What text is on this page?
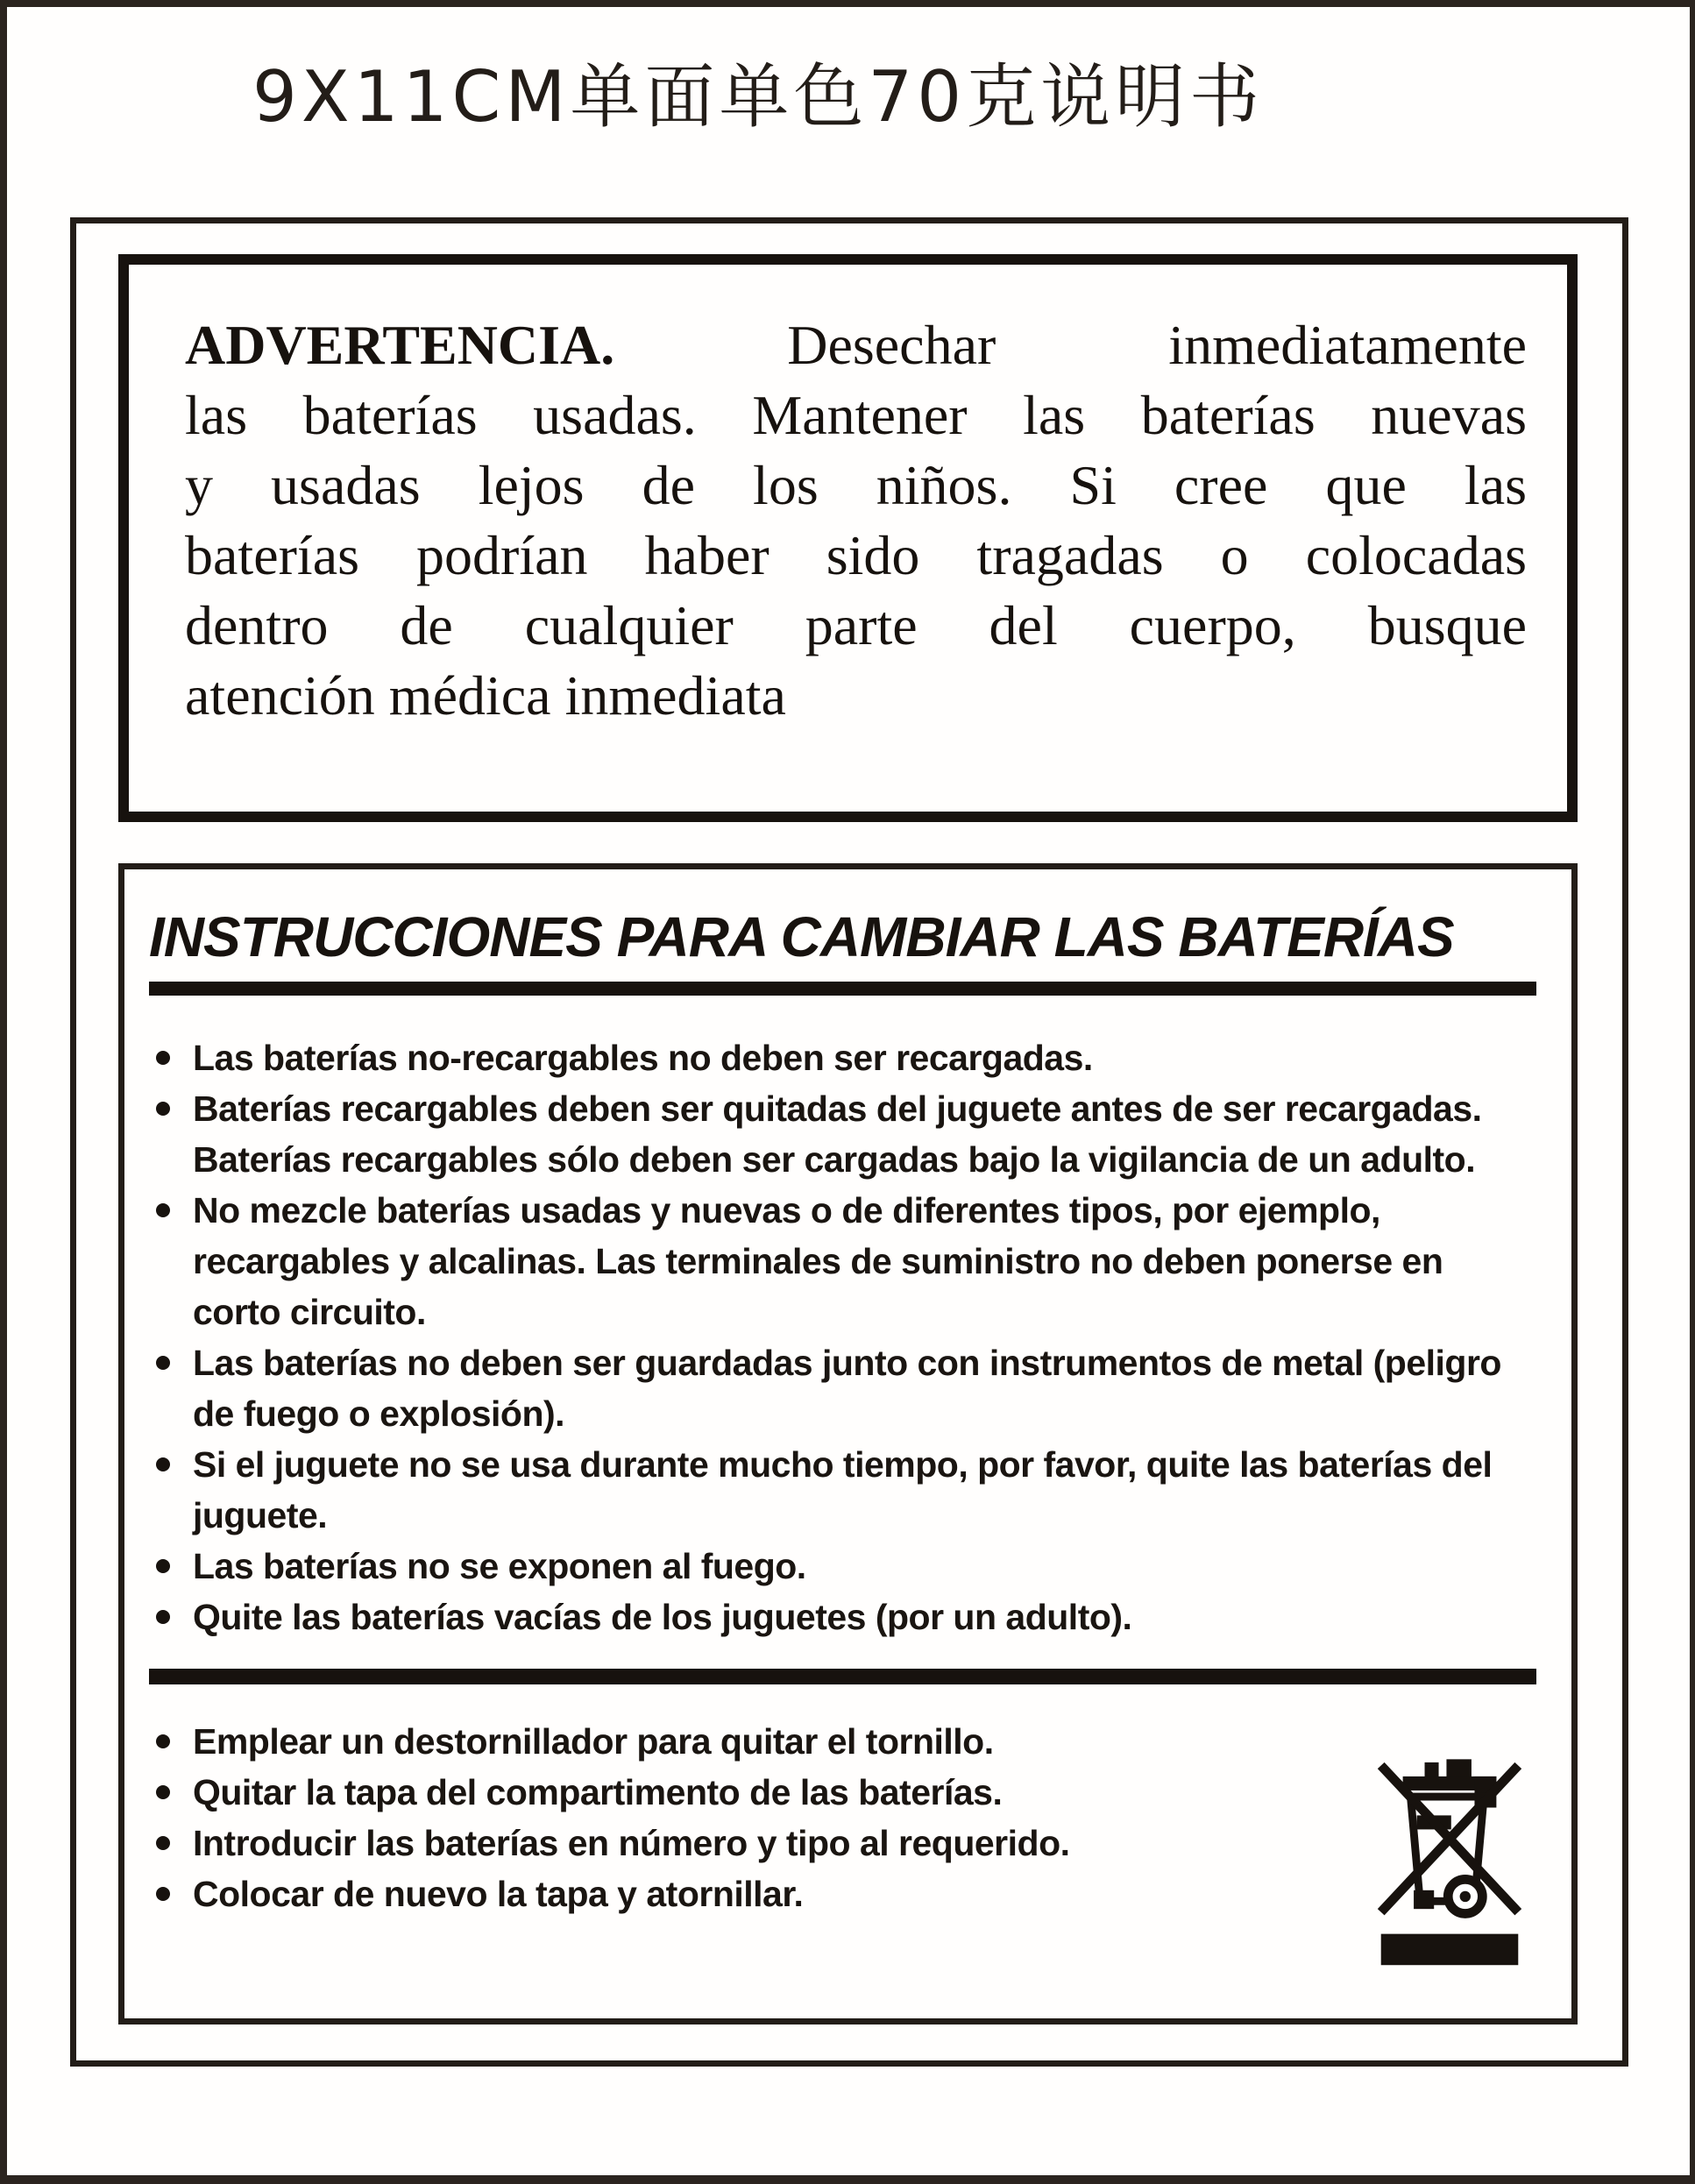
9X11CM单面单色70克说明书
ADVERTENCIA.	Desechar inmediatamente
las baterías usadas. Mantener las baterías nuevas
y usadas lejos de los niños. Si cree que las
baterías podrían haber sido tragadas o colocadas
dentro de cualquier parte del cuerpo, busque
atención médica inmediata
INSTRUCCIONES PARA CAMBIAR LAS BATERÍAS
Las baterías no-recargables no deben ser recargadas.
Baterías recargables deben ser quitadas del juguete antes de ser recargadas. Baterías recargables sólo deben ser cargadas bajo la vigilancia de un adulto.
No mezcle baterías usadas y nuevas o de diferentes tipos, por ejemplo, recargables y alcalinas. Las terminales de suministro no deben ponerse en corto circuito.
Las baterías no deben ser guardadas junto con instrumentos de metal (peligro de fuego o explosión).
Si el juguete no se usa durante mucho tiempo, por favor, quite las baterías del juguete.
Las baterías no se exponen al fuego.
Quite las baterías vacías de los juguetes (por un adulto).
Emplear un destornillador para quitar el tornillo.
Quitar la tapa del compartimento de las baterías.
Introducir las baterías en número y tipo al requerido.
Colocar de nuevo la tapa y atornillar.
